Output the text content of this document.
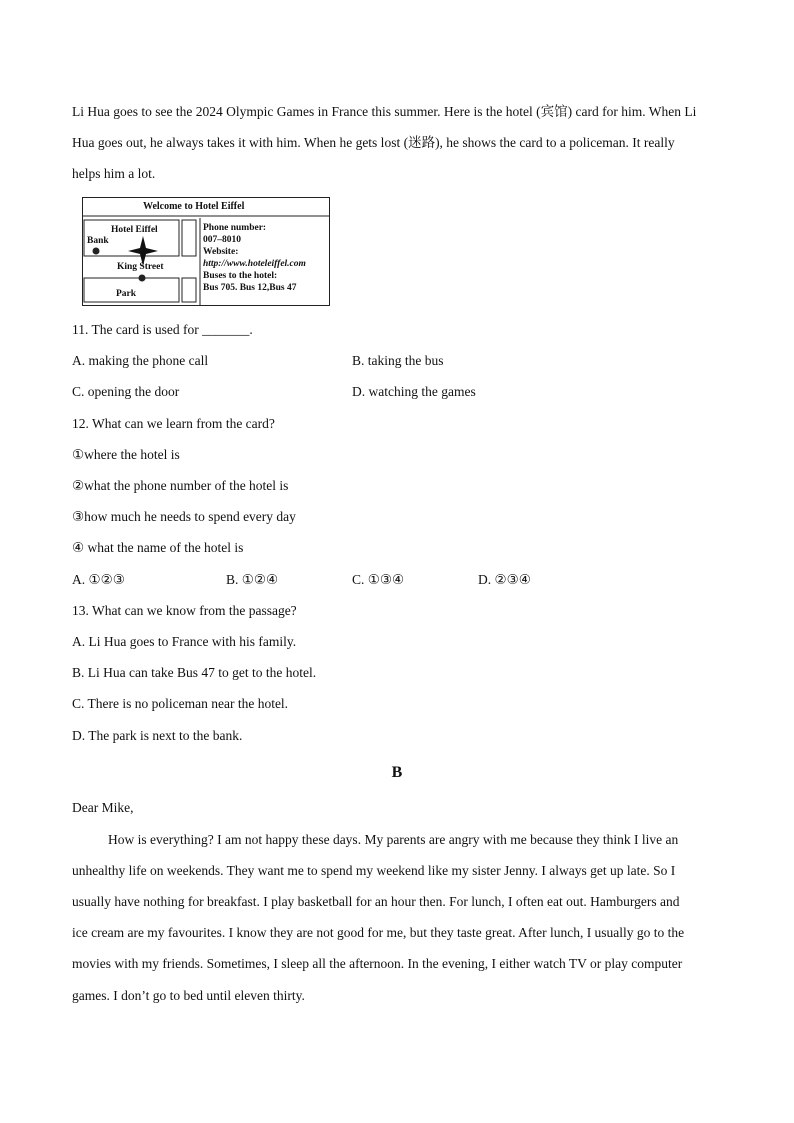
Li Hua goes to see the 2024 Olympic Games in France this summer. Here is the hotel (宾馆) card for him. When Li
Hua goes out, he always takes it with him. When he gets lost (迷路), he shows the card to a policeman. It really
helps him a lot.
Welcome to Hotel Eiffel
Hotel Eiffel
Bank
King Street
Park
Phone number:
007–8010
Website:
http://www.hoteleiffel.com
Buses to the hotel:
Bus 705. Bus 12,Bus 47
11. The card is used for _______.
A. making the phone call	B. taking the bus
C. opening the door	D. watching the games
12. What can we learn from the card?
①where the hotel is
②what the phone number of the hotel is
③how much he needs to spend every day
④ what the name of the hotel is
A. ①②③	B. ①②④	C. ①③④	D. ②③④
13. What can we know from the passage?
A. Li Hua goes to France with his family.
B. Li Hua can take Bus 47 to get to the hotel.
C. There is no policeman near the hotel.
D. The park is next to the bank.
B
Dear Mike,
How is everything? I am not happy these days. My parents are angry with me because they think I live an
unhealthy life on weekends. They want me to spend my weekend like my sister Jenny. I always get up late. So I
usually have nothing for breakfast. I play basketball for an hour then. For lunch, I often eat out. Hamburgers and
ice cream are my favourites. I know they are not good for me, but they taste great. After lunch, I usually go to the
movies with my friends. Sometimes, I sleep all the afternoon. In the evening, I either watch TV or play computer
games. I don’t go to bed until eleven thirty.
